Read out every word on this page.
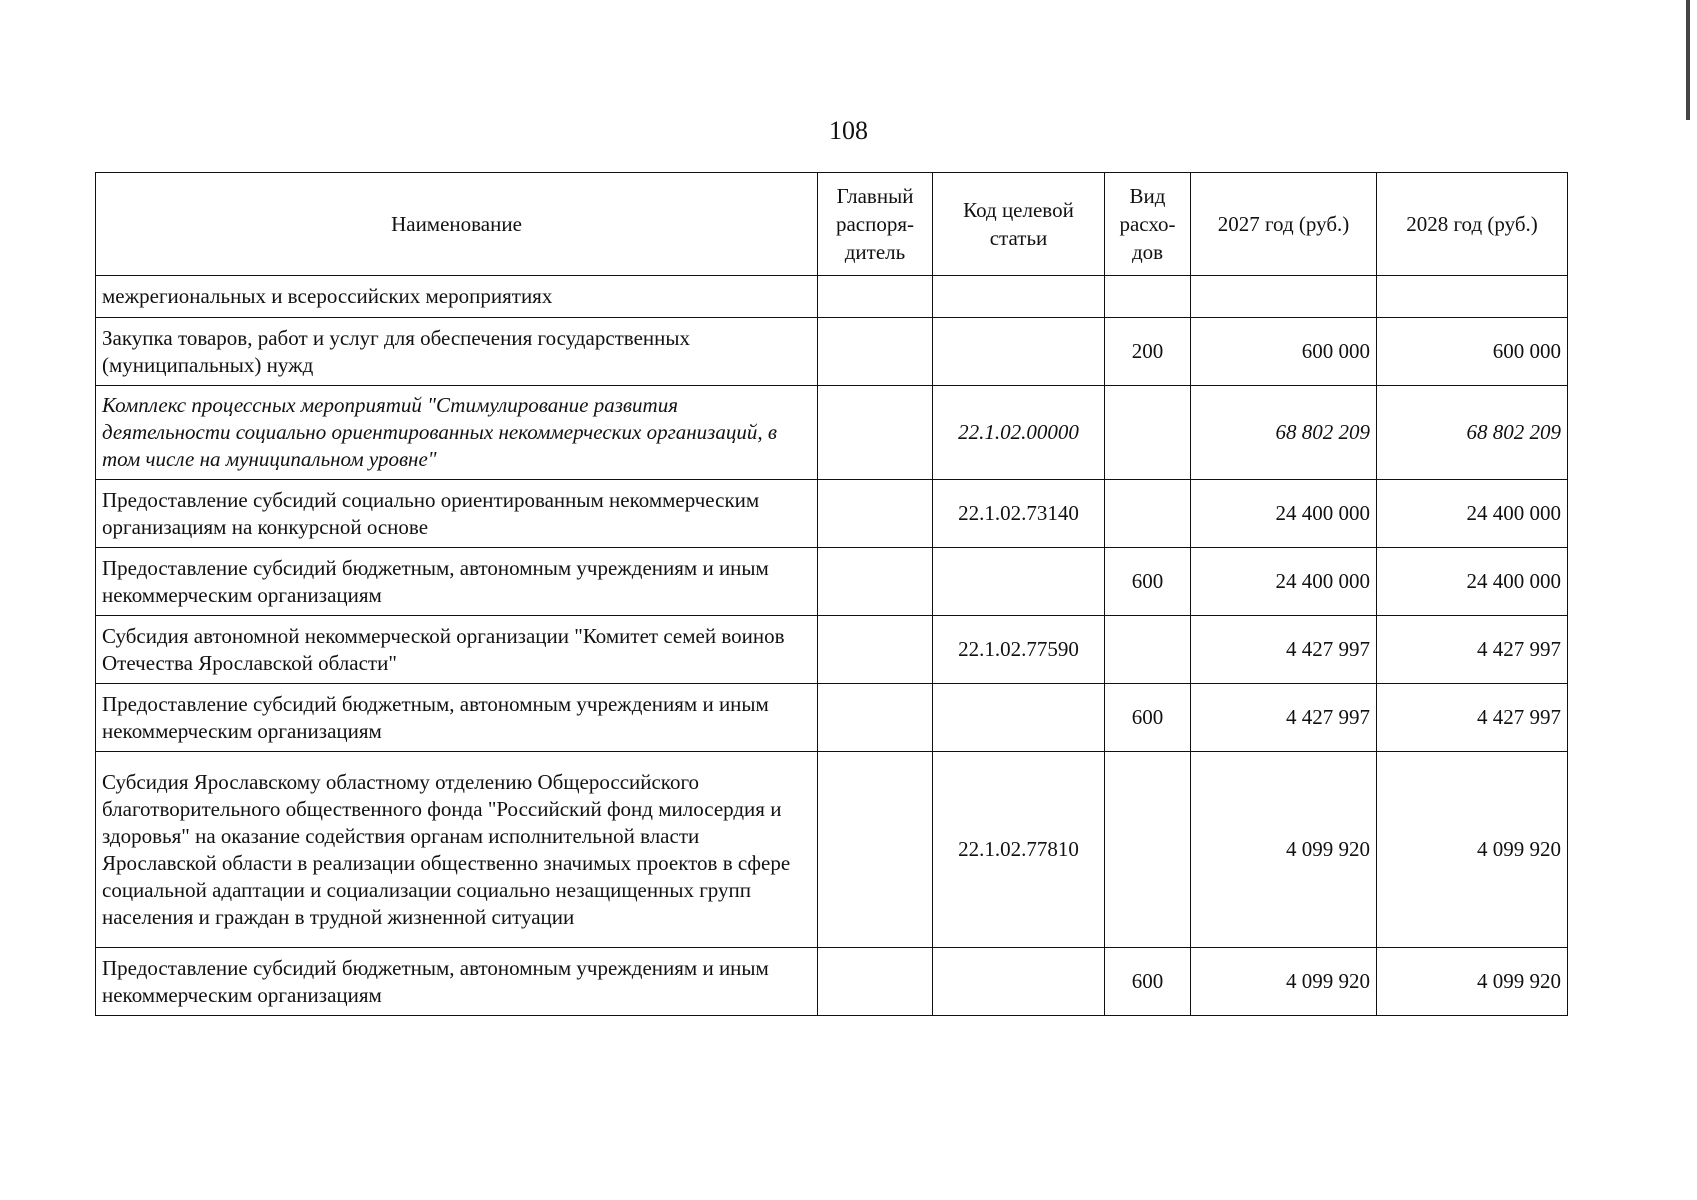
108
Наименование	Главный распоря-дитель	Код целевой статьи	Вид расхо-дов	2027 год (руб.)	2028 год (руб.)
межрегиональных и всероссийских мероприятиях					
Закупка товаров, работ и услуг для обеспечения государственных (муниципальных) нужд			200	600 000	600 000
Комплекс процессных мероприятий "Стимулирование развития деятельности социально ориентированных некоммерческих организаций, в том числе на муниципальном уровне"		22.1.02.00000		68 802 209	68 802 209
Предоставление субсидий социально ориентированным некоммерческим организациям на конкурсной основе		22.1.02.73140		24 400 000	24 400 000
Предоставление субсидий бюджетным, автономным учреждениям и иным некоммерческим организациям			600	24 400 000	24 400 000
Субсидия автономной некоммерческой организации "Комитет семей воинов Отечества Ярославской области"		22.1.02.77590		4 427 997	4 427 997
Предоставление субсидий бюджетным, автономным учреждениям и иным некоммерческим организациям			600	4 427 997	4 427 997
Субсидия Ярославскому областному отделению Общероссийского благотворительного общественного фонда "Российский фонд милосердия и здоровья" на оказание содействия органам исполнительной власти Ярославской области в реализации общественно значимых проектов в сфере социальной адаптации и социализации социально незащищенных групп населения и граждан в трудной жизненной ситуации		22.1.02.77810		4 099 920	4 099 920
Предоставление субсидий бюджетным, автономным учреждениям и иным некоммерческим организациям			600	4 099 920	4 099 920
